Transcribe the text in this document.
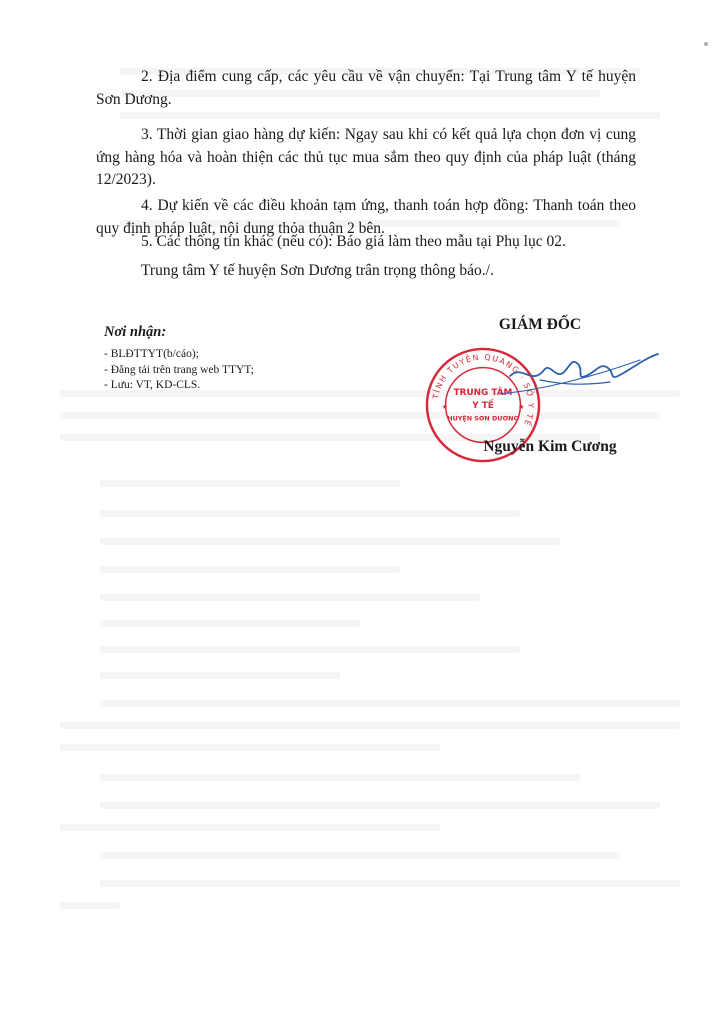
2. Địa điểm cung cấp, các yêu cầu về vận chuyển: Tại Trung tâm Y tế huyện Sơn Dương.

3. Thời gian giao hàng dự kiến: Ngay sau khi có kết quả lựa chọn đơn vị cung ứng hàng hóa và hoàn thiện các thủ tục mua sắm theo quy định của pháp luật (tháng 12/2023).

4. Dự kiến về các điều khoản tạm ứng, thanh toán hợp đồng: Thanh toán theo quy định pháp luật, nội dung thỏa thuận 2 bên.

5. Các thông tin khác (nếu có): Báo giá làm theo mẫu tại Phụ lục 02.

Trung tâm Y tế huyện Sơn Dương trân trọng thông báo./.

Nơi nhận:

- BLĐTTYT(b/cáo);

- Đăng tải trên trang web TTYT;

- Lưu: VT, KD-CLS.

GIÁM ĐỐC
TỈNH TUYÊN QUANG · SỞ Y TẾ
TRUNG TÂM
Y TẾ
HUYỆN SƠN DƯƠNG
★	★
Nguyễn Kim Cương
